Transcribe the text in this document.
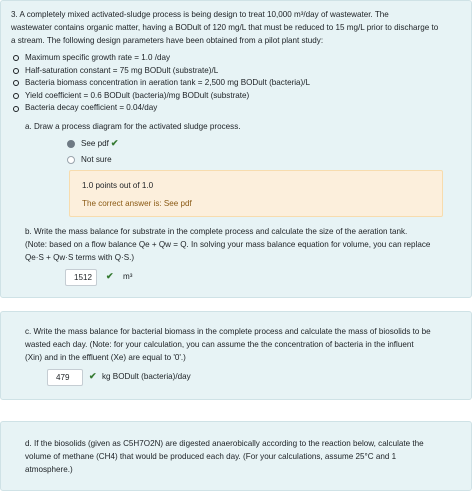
3. A completely mixed activated-sludge process is being design to treat 10,000 m³/day of wastewater. The
wastewater contains organic matter, having a BODult of 120 mg/L that must be reduced to 15 mg/L prior to discharge to
a stream. The following design parameters have been obtained from a pilot plant study:
Maximum specific growth rate = 1.0 /day
Half-saturation constant = 75 mg BODult (substrate)/L
Bacteria biomass concentration in aeration tank = 2,500 mg BODult (bacteria)/L
Yield coefficient = 0.6 BODult (bacteria)/mg BODult (substrate)
Bacteria decay coefficient = 0.04/day
a. Draw a process diagram for the activated sludge process.
See pdf ✔
Not sure
1.0 points out of 1.0
The correct answer is: See pdf
b. Write the mass balance for substrate in the complete process and calculate the size of the aeration tank.
(Note: based on a flow balance Qe + Qw = Q. In solving your mass balance equation for volume, you can replace
Qe·S + Qw·S terms with Q·S.)
1512	✔ m³
c. Write the mass balance for bacterial biomass in the complete process and calculate the mass of biosolids to be
wasted each day. (Note: for your calculation, you can assume the the concentration of bacteria in the influent
(Xin) and in the effluent (Xe) are equal to '0'.)
479	✔ kg BODult (bacteria)/day
d. If the biosolids (given as C5H7O2N) are digested anaerobically according to the reaction below, calculate the
volume of methane (CH4) that would be produced each day. (For your calculations, assume 25°C and 1
atmosphere.)
